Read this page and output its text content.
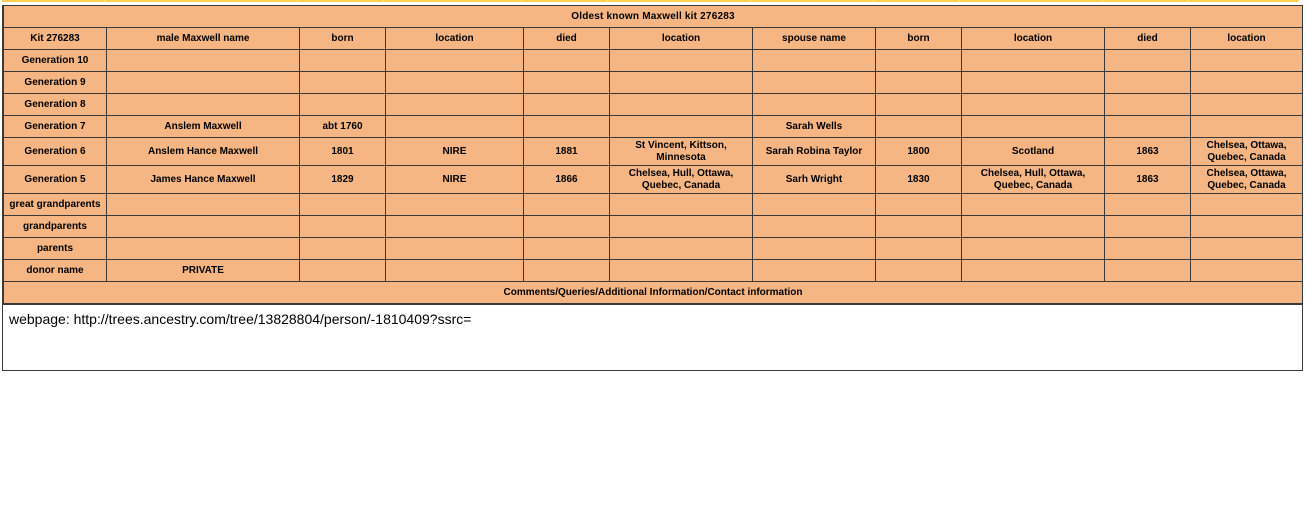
Oldest known Maxwell kit 276283										
Kit 276283	male Maxwell name	born	location	died	location	spouse name	born	location	died	location
Generation 10										
Generation 9										
Generation 8										
Generation 7	Anslem Maxwell	abt 1760				Sarah Wells				
Generation 6	Anslem Hance Maxwell	1801	NIRE	1881	St Vincent, Kittson, Minnesota	Sarah Robina Taylor	1800	Scotland	1863	Chelsea, Ottawa, Quebec, Canada
Generation 5	James Hance Maxwell	1829	NIRE	1866	Chelsea, Hull, Ottawa, Quebec, Canada	Sarh Wright	1830	Chelsea, Hull, Ottawa, Quebec, Canada	1863	Chelsea, Ottawa, Quebec, Canada
great grandparents										
grandparents										
parents										
donor name	PRIVATE									
Comments/Queries/Additional Information/Contact information										
webpage: http://trees.ancestry.com/tree/13828804/person/-1810409?ssrc=
